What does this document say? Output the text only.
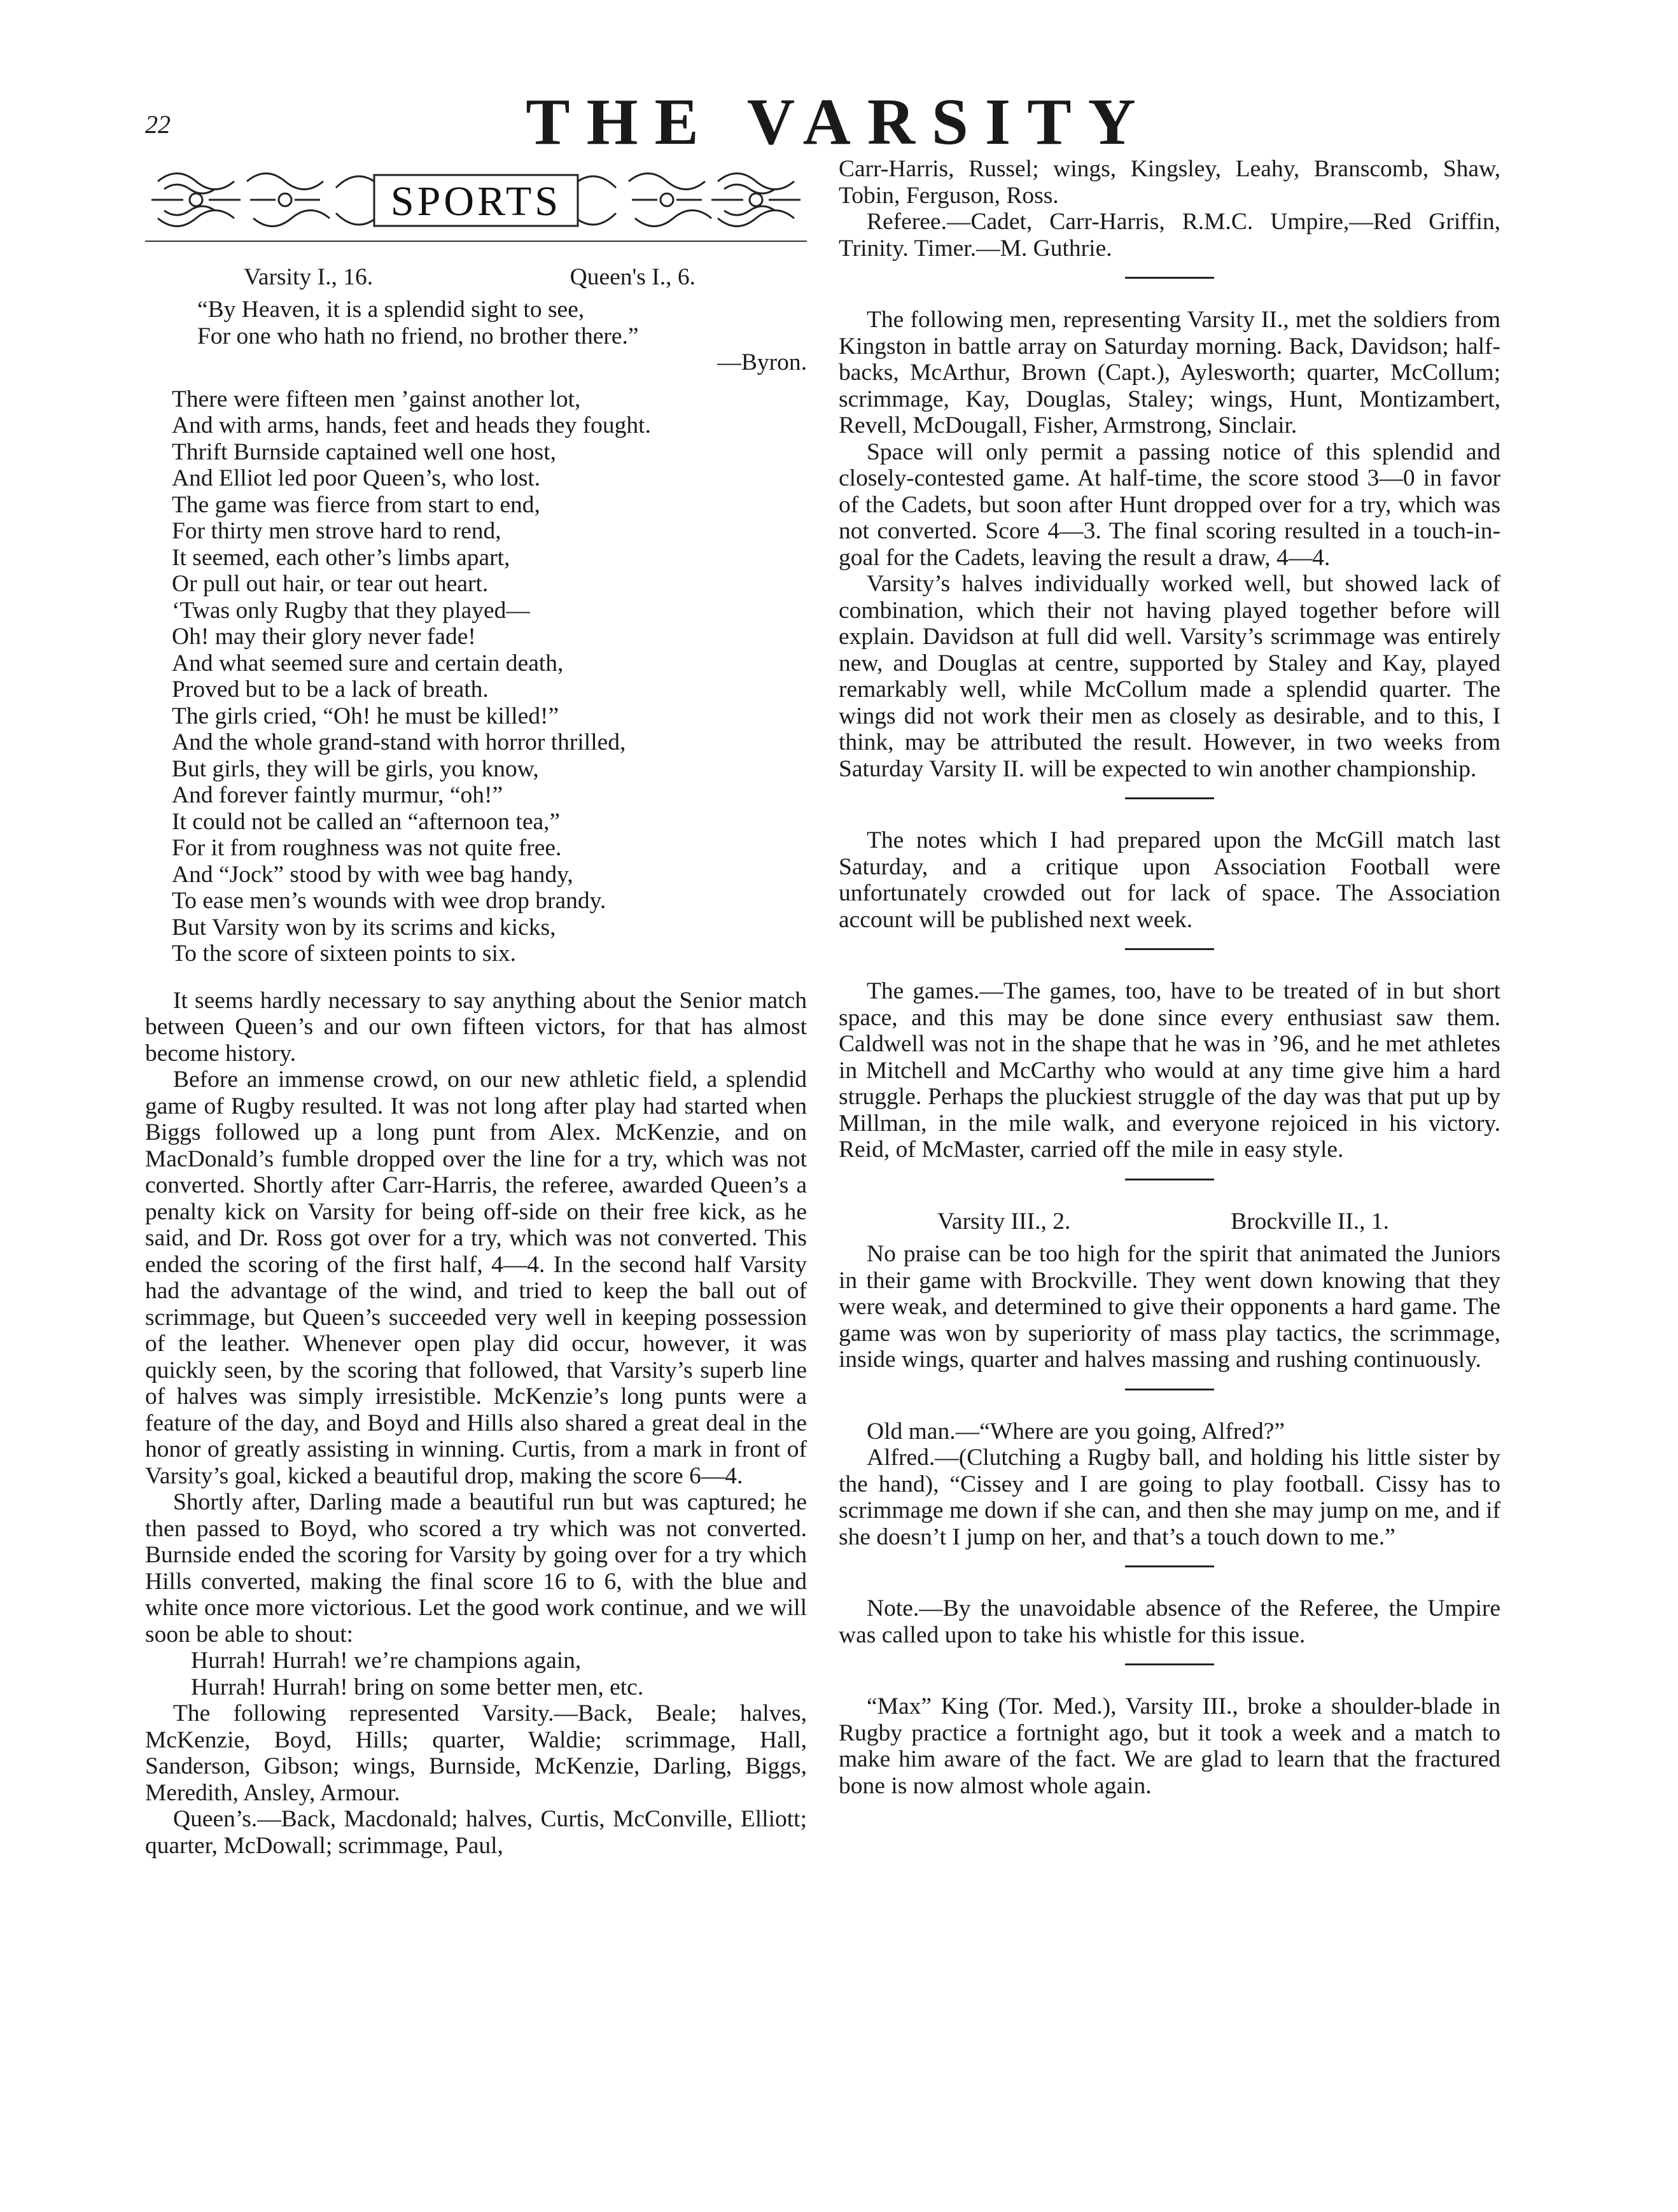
22	THE VARSITY
SPORTS
Varsity I., 16.	Queen's I., 6.
“By Heaven, it is a splendid sight to see,
For one who hath no friend, no brother there.”
—Byron.
There were fifteen men ’gainst another lot,
And with arms, hands, feet and heads they fought.
Thrift Burnside captained well one host,
And Elliot led poor Queen’s, who lost.
The game was fierce from start to end,
For thirty men strove hard to rend,
It seemed, each other’s limbs apart,
Or pull out hair, or tear out heart.
‘Twas only Rugby that they played—
Oh! may their glory never fade!
And what seemed sure and certain death,
Proved but to be a lack of breath.
The girls cried, “Oh! he must be killed!”
And the whole grand-stand with horror thrilled,
But girls, they will be girls, you know,
And forever faintly murmur, “oh!”
It could not be called an “afternoon tea,”
For it from roughness was not quite free.
And “Jock” stood by with wee bag handy,
To ease men’s wounds with wee drop brandy.
But Varsity won by its scrims and kicks,
To the score of sixteen points to six.

It seems hardly necessary to say anything about the Senior match between Queen’s and our own fifteen victors, for that has almost become history.

Before an immense crowd, on our new athletic field, a splendid game of Rugby resulted. It was not long after play had started when Biggs followed up a long punt from Alex. McKenzie, and on MacDonald’s fumble dropped over the line for a try, which was not converted. Shortly after Carr-Harris, the referee, awarded Queen’s a penalty kick on Varsity for being off-side on their free kick, as he said, and Dr. Ross got over for a try, which was not converted. This ended the scoring of the first half, 4—4. In the second half Varsity had the advantage of the wind, and tried to keep the ball out of scrimmage, but Queen’s succeeded very well in keeping possession of the leather. Whenever open play did occur, however, it was quickly seen, by the scoring that followed, that Varsity’s superb line of halves was simply irresistible. McKenzie’s long punts were a feature of the day, and Boyd and Hills also shared a great deal in the honor of greatly assisting in winning. Curtis, from a mark in front of Varsity’s goal, kicked a beautiful drop, making the score 6—4.

Shortly after, Darling made a beautiful run but was captured; he then passed to Boyd, who scored a try which was not converted. Burnside ended the scoring for Varsity by going over for a try which Hills converted, making the final score 16 to 6, with the blue and white once more victorious. Let the good work continue, and we will soon be able to shout:

Hurrah! Hurrah! we’re champions again,

Hurrah! Hurrah! bring on some better men, etc.

The following represented Varsity.—Back, Beale; halves, McKenzie, Boyd, Hills; quarter, Waldie; scrimmage, Hall, Sanderson, Gibson; wings, Burnside, McKenzie, Darling, Biggs, Meredith, Ansley, Armour.

Queen’s.—Back, Macdonald; halves, Curtis, McConville, Elliott; quarter, McDowall; scrimmage, Paul,

Carr-Harris, Russel; wings, Kingsley, Leahy, Branscomb, Shaw, Tobin, Ferguson, Ross.

Referee.—Cadet, Carr-Harris, R.M.C. Umpire,—Red Griffin, Trinity. Timer.—M. Guthrie.

The following men, representing Varsity II., met the soldiers from Kingston in battle array on Saturday morning. Back, Davidson; half-backs, McArthur, Brown (Capt.), Aylesworth; quarter, McCollum; scrimmage, Kay, Douglas, Staley; wings, Hunt, Montizambert, Revell, McDougall, Fisher, Armstrong, Sinclair.

Space will only permit a passing notice of this splendid and closely-contested game. At half-time, the score stood 3—0 in favor of the Cadets, but soon after Hunt dropped over for a try, which was not converted. Score 4—3. The final scoring resulted in a touch-in-goal for the Cadets, leaving the result a draw, 4—4.

Varsity’s halves individually worked well, but showed lack of combination, which their not having played together before will explain. Davidson at full did well. Varsity’s scrimmage was entirely new, and Douglas at centre, supported by Staley and Kay, played remarkably well, while McCollum made a splendid quarter. The wings did not work their men as closely as desirable, and to this, I think, may be attributed the result. However, in two weeks from Saturday Varsity II. will be expected to win another championship.

The notes which I had prepared upon the McGill match last Saturday, and a critique upon Association Football were unfortunately crowded out for lack of space. The Association account will be published next week.

The games.—The games, too, have to be treated of in but short space, and this may be done since every enthusiast saw them. Caldwell was not in the shape that he was in ’96, and he met athletes in Mitchell and McCarthy who would at any time give him a hard struggle. Perhaps the pluckiest struggle of the day was that put up by Millman, in the mile walk, and everyone rejoiced in his victory. Reid, of McMaster, carried off the mile in easy style.

Varsity III., 2.	Brockville II., 1.

No praise can be too high for the spirit that animated the Juniors in their game with Brockville. They went down knowing that they were weak, and determined to give their opponents a hard game. The game was won by superiority of mass play tactics, the scrimmage, inside wings, quarter and halves massing and rushing continuously.

Old man.—“Where are you going, Alfred?”

Alfred.—(Clutching a Rugby ball, and holding his little sister by the hand), “Cissey and I are going to play football. Cissy has to scrimmage me down if she can, and then she may jump on me, and if she doesn’t I jump on her, and that’s a touch down to me.”

Note.—By the unavoidable absence of the Referee, the Umpire was called upon to take his whistle for this issue.

“Max” King (Tor. Med.), Varsity III., broke a shoulder-blade in Rugby practice a fortnight ago, but it took a week and a match to make him aware of the fact. We are glad to learn that the fractured bone is now almost whole again.
